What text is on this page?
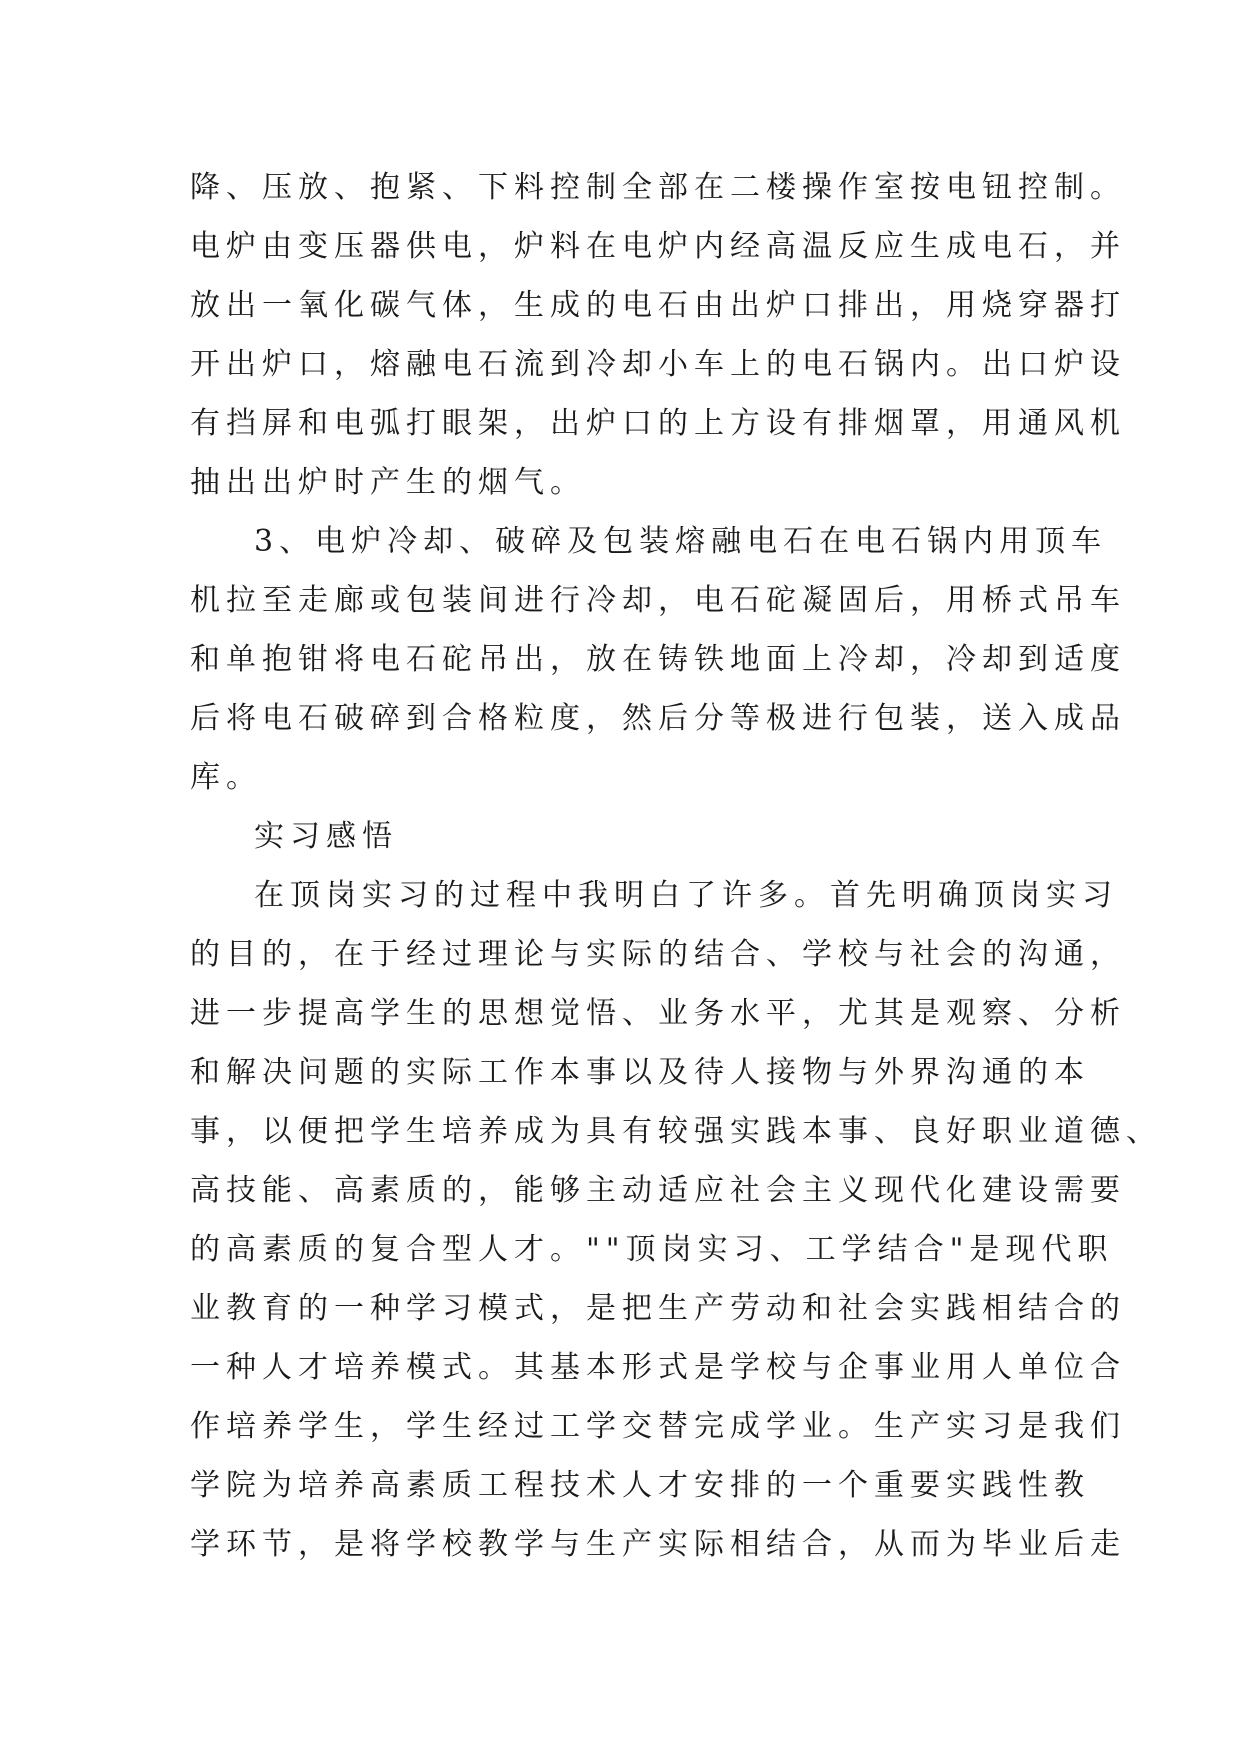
降、压放、抱紧、下料控制全部在二楼操作室按电钮控制。
电炉由变压器供电，炉料在电炉内经高温反应生成电石，并
放出一氧化碳气体，生成的电石由出炉口排出，用烧穿器打
开出炉口，熔融电石流到冷却小车上的电石锅内。出口炉设
有挡屏和电弧打眼架，出炉口的上方设有排烟罩，用通风机
抽出出炉时产生的烟气。
3、电炉冷却、破碎及包装熔融电石在电石锅内用顶车
机拉至走廊或包装间进行冷却，电石砣凝固后，用桥式吊车
和单抱钳将电石砣吊出，放在铸铁地面上冷却，冷却到适度
后将电石破碎到合格粒度，然后分等极进行包装，送入成品
库。
实习感悟
在顶岗实习的过程中我明白了许多。首先明确顶岗实习
的目的，在于经过理论与实际的结合、学校与社会的沟通，
进一步提高学生的思想觉悟、业务水平，尤其是观察、分析
和解决问题的实际工作本事以及待人接物与外界沟通的本
事，以便把学生培养成为具有较强实践本事、良好职业道德、
高技能、高素质的，能够主动适应社会主义现代化建设需要
的高素质的复合型人才。""顶岗实习、工学结合"是现代职
业教育的一种学习模式，是把生产劳动和社会实践相结合的
一种人才培养模式。其基本形式是学校与企事业用人单位合
作培养学生，学生经过工学交替完成学业。生产实习是我们
学院为培养高素质工程技术人才安排的一个重要实践性教
学环节，是将学校教学与生产实际相结合，从而为毕业后走
